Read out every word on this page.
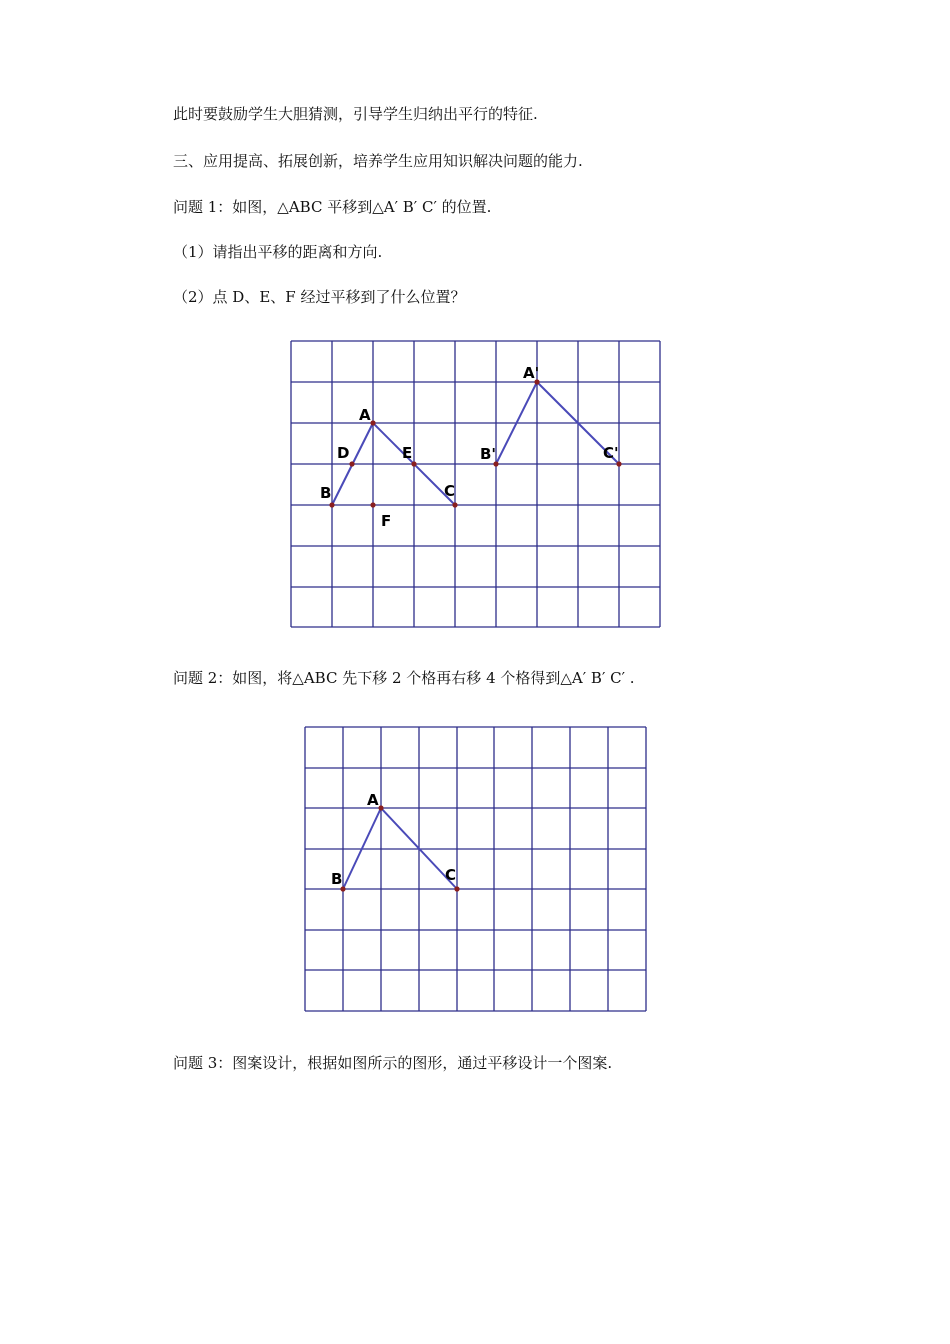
此时要鼓励学生大胆猜测，引导学生归纳出平行的特征.
三、应用提高、拓展创新，培养学生应用知识解决问题的能力.
问题 1：如图，△ABC 平移到△A′ B′ C′ 的位置.
（1）请指出平移的距离和方向.
（2）点 D、E、F 经过平移到了什么位置？
A
B	C
D	E
F
A'
B'	C'
问题 2：如图，将△ABC 先下移 2 个格再右移 4 个格得到△A′ B′ C′ .
A
B	C
问题 3：图案设计，根据如图所示的图形，通过平移设计一个图案.
